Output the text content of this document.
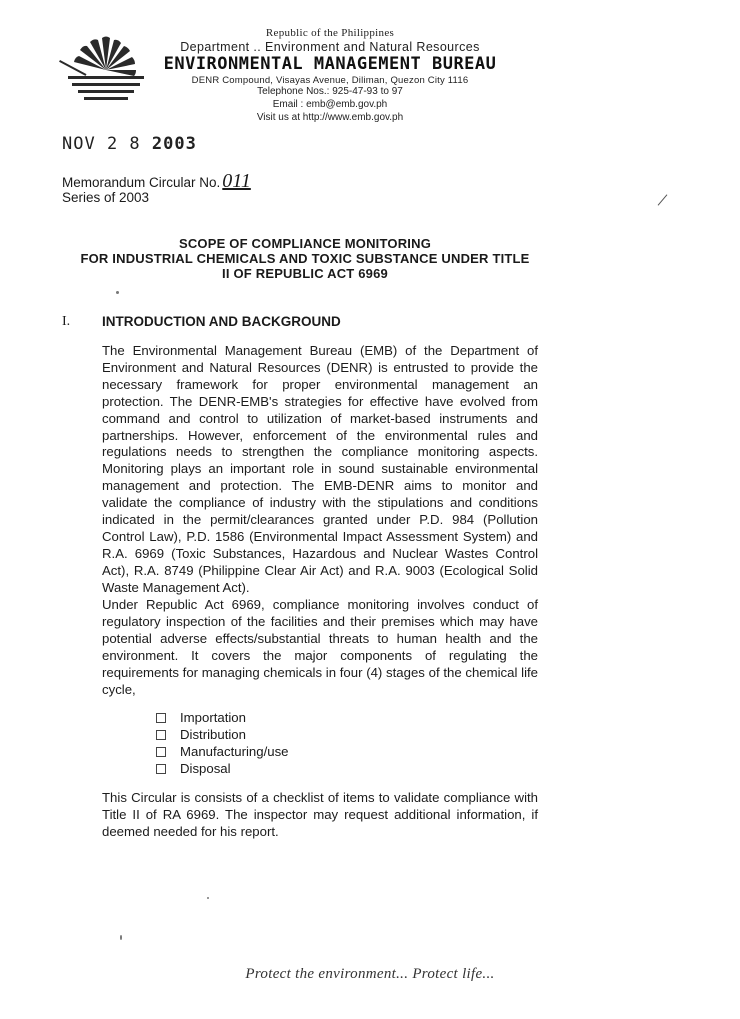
Republic of the Philippines
Department .. Environment and Natural Resources
ENVIRONMENTAL MANAGEMENT BUREAU
DENR Compound, Visayas Avenue, Diliman, Quezon City 1116
Telephone Nos.: 925-47-93 to 97
Email : emb@emb.gov.ph
Visit us at http://www.emb.gov.ph
NOV 2 8 2003
Memorandum Circular No. 011
Series of 2003
SCOPE OF COMPLIANCE MONITORING
FOR INDUSTRIAL CHEMICALS AND TOXIC SUBSTANCE UNDER TITLE
II OF REPUBLIC ACT 6969
I. INTRODUCTION AND BACKGROUND
The Environmental Management Bureau (EMB) of the Department of Environment and Natural Resources (DENR) is entrusted to provide the necessary framework for proper environmental management an protection. The DENR-EMB's strategies for effective have evolved from command and control to utilization of market-based instruments and partnerships. However, enforcement of the environmental rules and regulations needs to strengthen the compliance monitoring aspects. Monitoring plays an important role in sound sustainable environmental management and protection. The EMB-DENR aims to monitor and validate the compliance of industry with the stipulations and conditions indicated in the permit/clearances granted under P.D. 984 (Pollution Control Law), P.D. 1586 (Environmental Impact Assessment System) and R.A. 6969 (Toxic Substances, Hazardous and Nuclear Wastes Control Act), R.A. 8749 (Philippine Clear Air Act) and R.A. 9003 (Ecological Solid Waste Management Act).
Under Republic Act 6969, compliance monitoring involves conduct of regulatory inspection of the facilities and their premises which may have potential adverse effects/substantial threats to human health and the environment. It covers the major components of regulating the requirements for managing chemicals in four (4) stages of the chemical life cycle,
Importation
Distribution
Manufacturing/use
Disposal
This Circular is consists of a checklist of items to validate compliance with Title II of RA 6969. The inspector may request additional information, if deemed needed for his report.
Protect the environment... Protect life...
